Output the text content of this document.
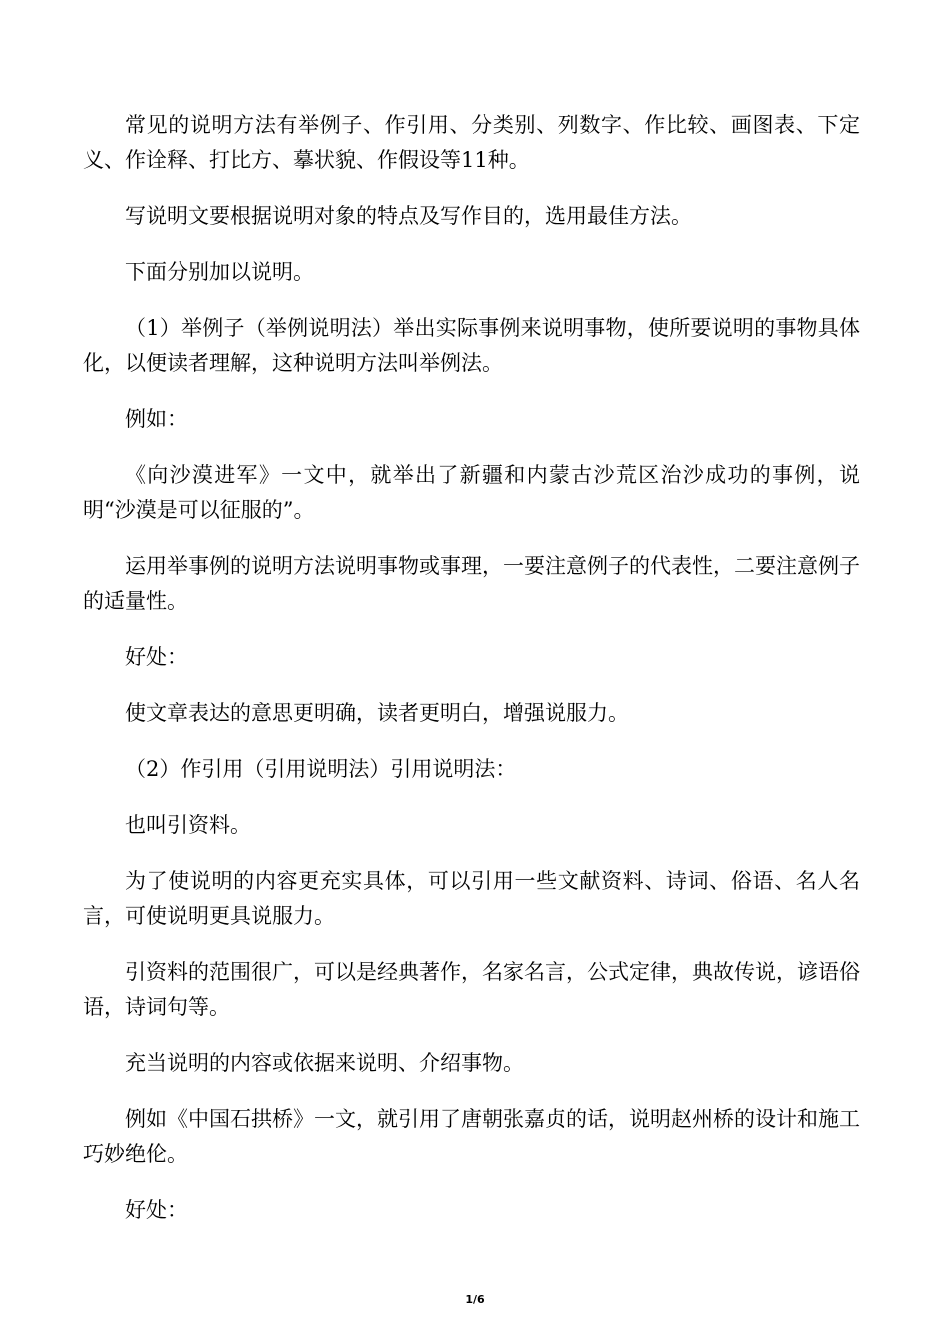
常见的说明方法有举例子、作引用、分类别、列数字、作比较、画图表、下定义、作诠释、打比方、摹状貌、作假设等11种。

写说明文要根据说明对象的特点及写作目的，选用最佳方法。

下面分别加以说明。

（1）举例子（举例说明法）举出实际事例来说明事物，使所要说明的事物具体化，以便读者理解，这种说明方法叫举例法。

例如：

《向沙漠进军》一文中，就举出了新疆和内蒙古沙荒区治沙成功的事例，说明“沙漠是可以征服的”。

运用举事例的说明方法说明事物或事理，一要注意例子的代表性，二要注意例子的适量性。

好处：

使文章表达的意思更明确，读者更明白，增强说服力。

（2）作引用（引用说明法）引用说明法：

也叫引资料。

为了使说明的内容更充实具体，可以引用一些文献资料、诗词、俗语、名人名言，可使说明更具说服力。

引资料的范围很广，可以是经典著作，名家名言，公式定律，典故传说，谚语俗语，诗词句等。

充当说明的内容或依据来说明、介绍事物。

例如《中国石拱桥》一文，就引用了唐朝张嘉贞的话，说明赵州桥的设计和施工巧妙绝伦。

好处：

1/6
